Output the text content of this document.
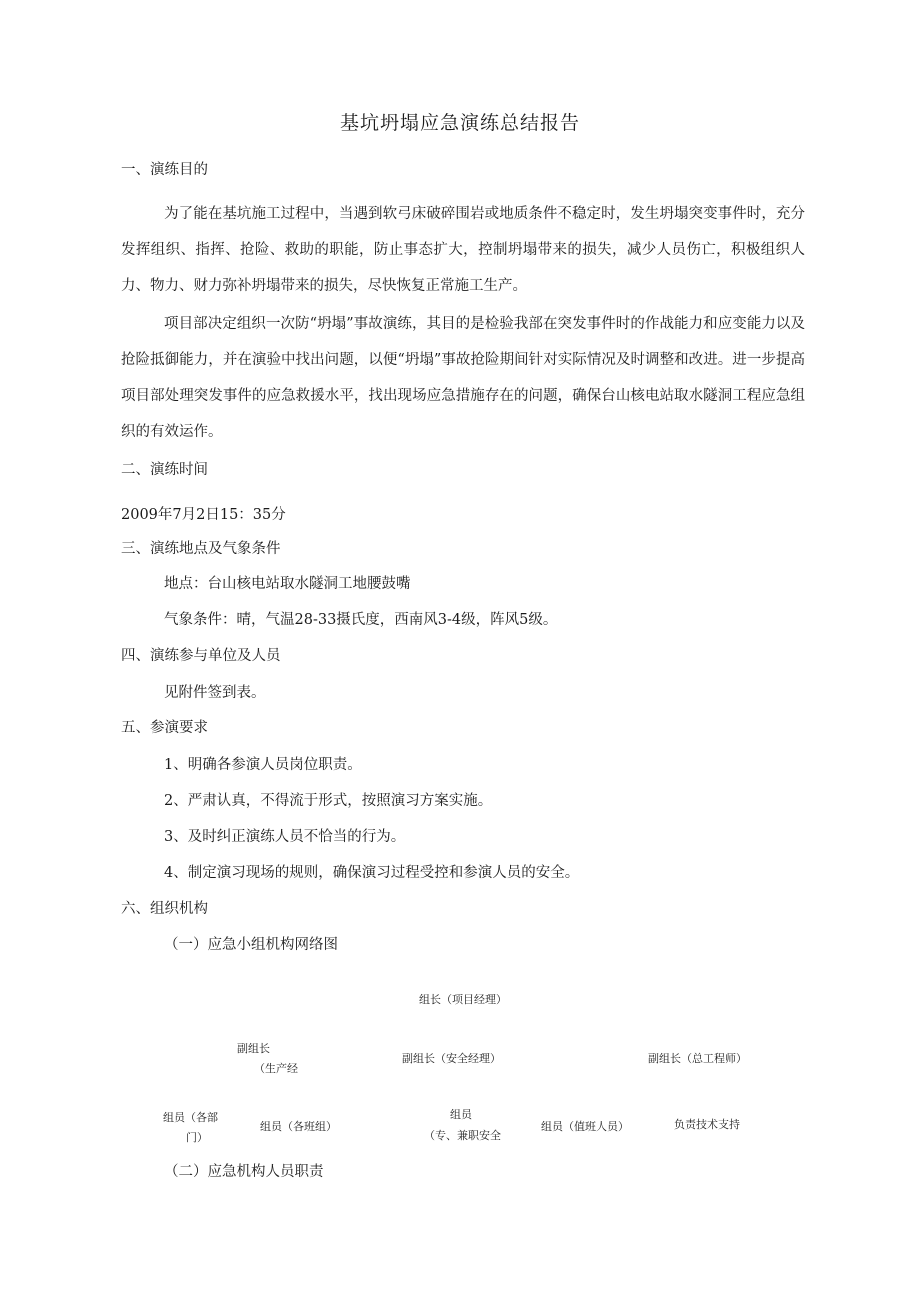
基坑坍塌应急演练总结报告
一、演练目的
为了能在基坑施工过程中，当遇到软弓床破碎围岩或地质条件不稳定时，发生坍塌突变事件时，充分发挥组织、指挥、抢险、救助的职能，防止事态扩大，控制坍塌带来的损失，减少人员伤亡，积极组织人力、物力、财力弥补坍塌带来的损失，尽快恢复正常施工生产。
项目部决定组织一次防“坍塌”事故演练，其目的是检验我部在突发事件时的作战能力和应变能力以及抢险抵御能力，并在演验中找出问题，以便“坍塌”事故抢险期间针对实际情况及时调整和改进。进一步提高项目部处理突发事件的应急救援水平，找出现场应急措施存在的问题，确保台山核电站取水隧洞工程应急组织的有效运作。
二、演练时间
2009年7月2日15：35分
三、演练地点及气象条件
地点：台山核电站取水隧洞工地腰鼓嘴
气象条件：晴，气温28-33摄氏度，西南风3-4级，阵风5级。
四、演练参与单位及人员
见附件签到表。
五、参演要求
1、明确各参演人员岗位职责。
2、严肃认真，不得流于形式，按照演习方案实施。
3、及时纠正演练人员不恰当的行为。
4、制定演习现场的规则，确保演习过程受控和参演人员的安全。
六、组织机构
（一）应急小组机构网络图
组长（项目经理）
副组长
（生产经
副组长（安全经理）	副组长（总工程师）
组员（各部
门）
组员（各班组）
组员
（专、兼职安全
组员（值班人员）	负责技术支持
（二）应急机构人员职责
